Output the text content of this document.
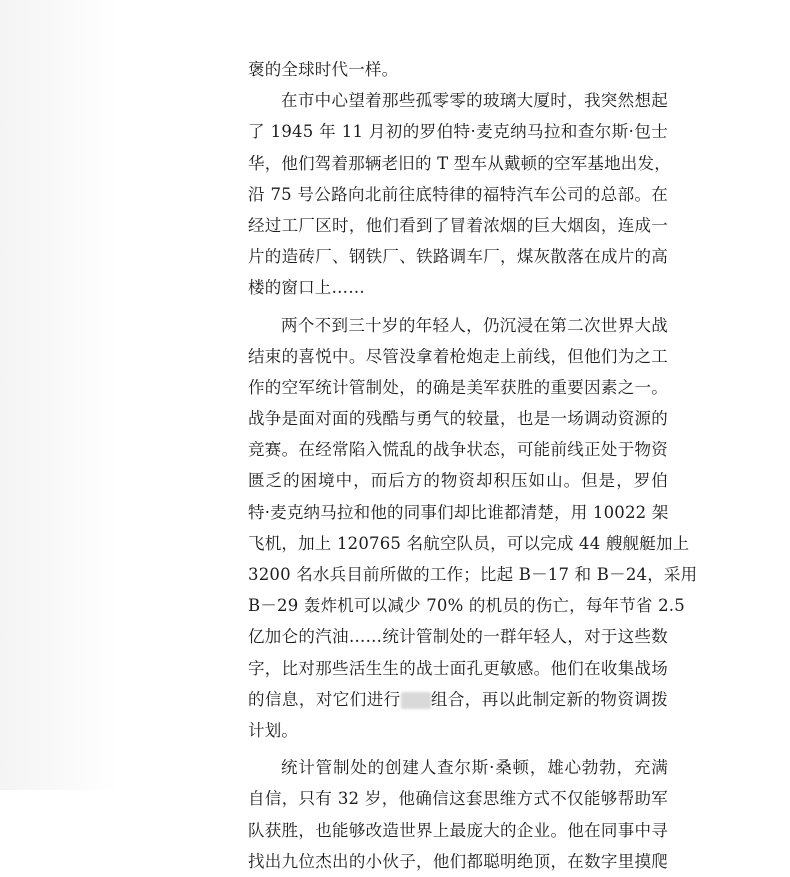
褒的全球时代一样。
在市中心望着那些孤零零的玻璃大厦时，我突然想起
了 1945 年 11 月初的罗伯特·麦克纳马拉和查尔斯·包士
华，他们驾着那辆老旧的 T 型车从戴顿的空军基地出发，
沿 75 号公路向北前往底特律的福特汽车公司的总部。在
经过工厂区时，他们看到了冒着浓烟的巨大烟囱，连成一
片的造砖厂、钢铁厂、铁路调车厂，煤灰散落在成片的高
楼的窗口上……
两个不到三十岁的年轻人，仍沉浸在第二次世界大战
结束的喜悦中。尽管没拿着枪炮走上前线，但他们为之工
作的空军统计管制处，的确是美军获胜的重要因素之一。
战争是面对面的残酷与勇气的较量，也是一场调动资源的
竞赛。在经常陷入慌乱的战争状态，可能前线正处于物资
匮乏的困境中，而后方的物资却积压如山。但是，罗伯
特·麦克纳马拉和他的同事们却比谁都清楚，用 10022 架
飞机，加上 120765 名航空队员，可以完成 44 艘舰艇加上
3200 名水兵目前所做的工作；比起 B－17 和 B－24，采用
B－29 轰炸机可以减少 70% 的机员的伤亡，每年节省 2.5
亿加仑的汽油……统计管制处的一群年轻人，对于这些数
字，比对那些活生生的战士面孔更敏感。他们在收集战场
的信息，对它们进行 组合，再以此制定新的物资调拨
计划。
统计管制处的创建人查尔斯·桑顿，雄心勃勃，充满
自信，只有 32 岁，他确信这套思维方式不仅能够帮助军
队获胜，也能够改造世界上最庞大的企业。他在同事中寻
找出九位杰出的小伙子，他们都聪明绝顶，在数字里摸爬
